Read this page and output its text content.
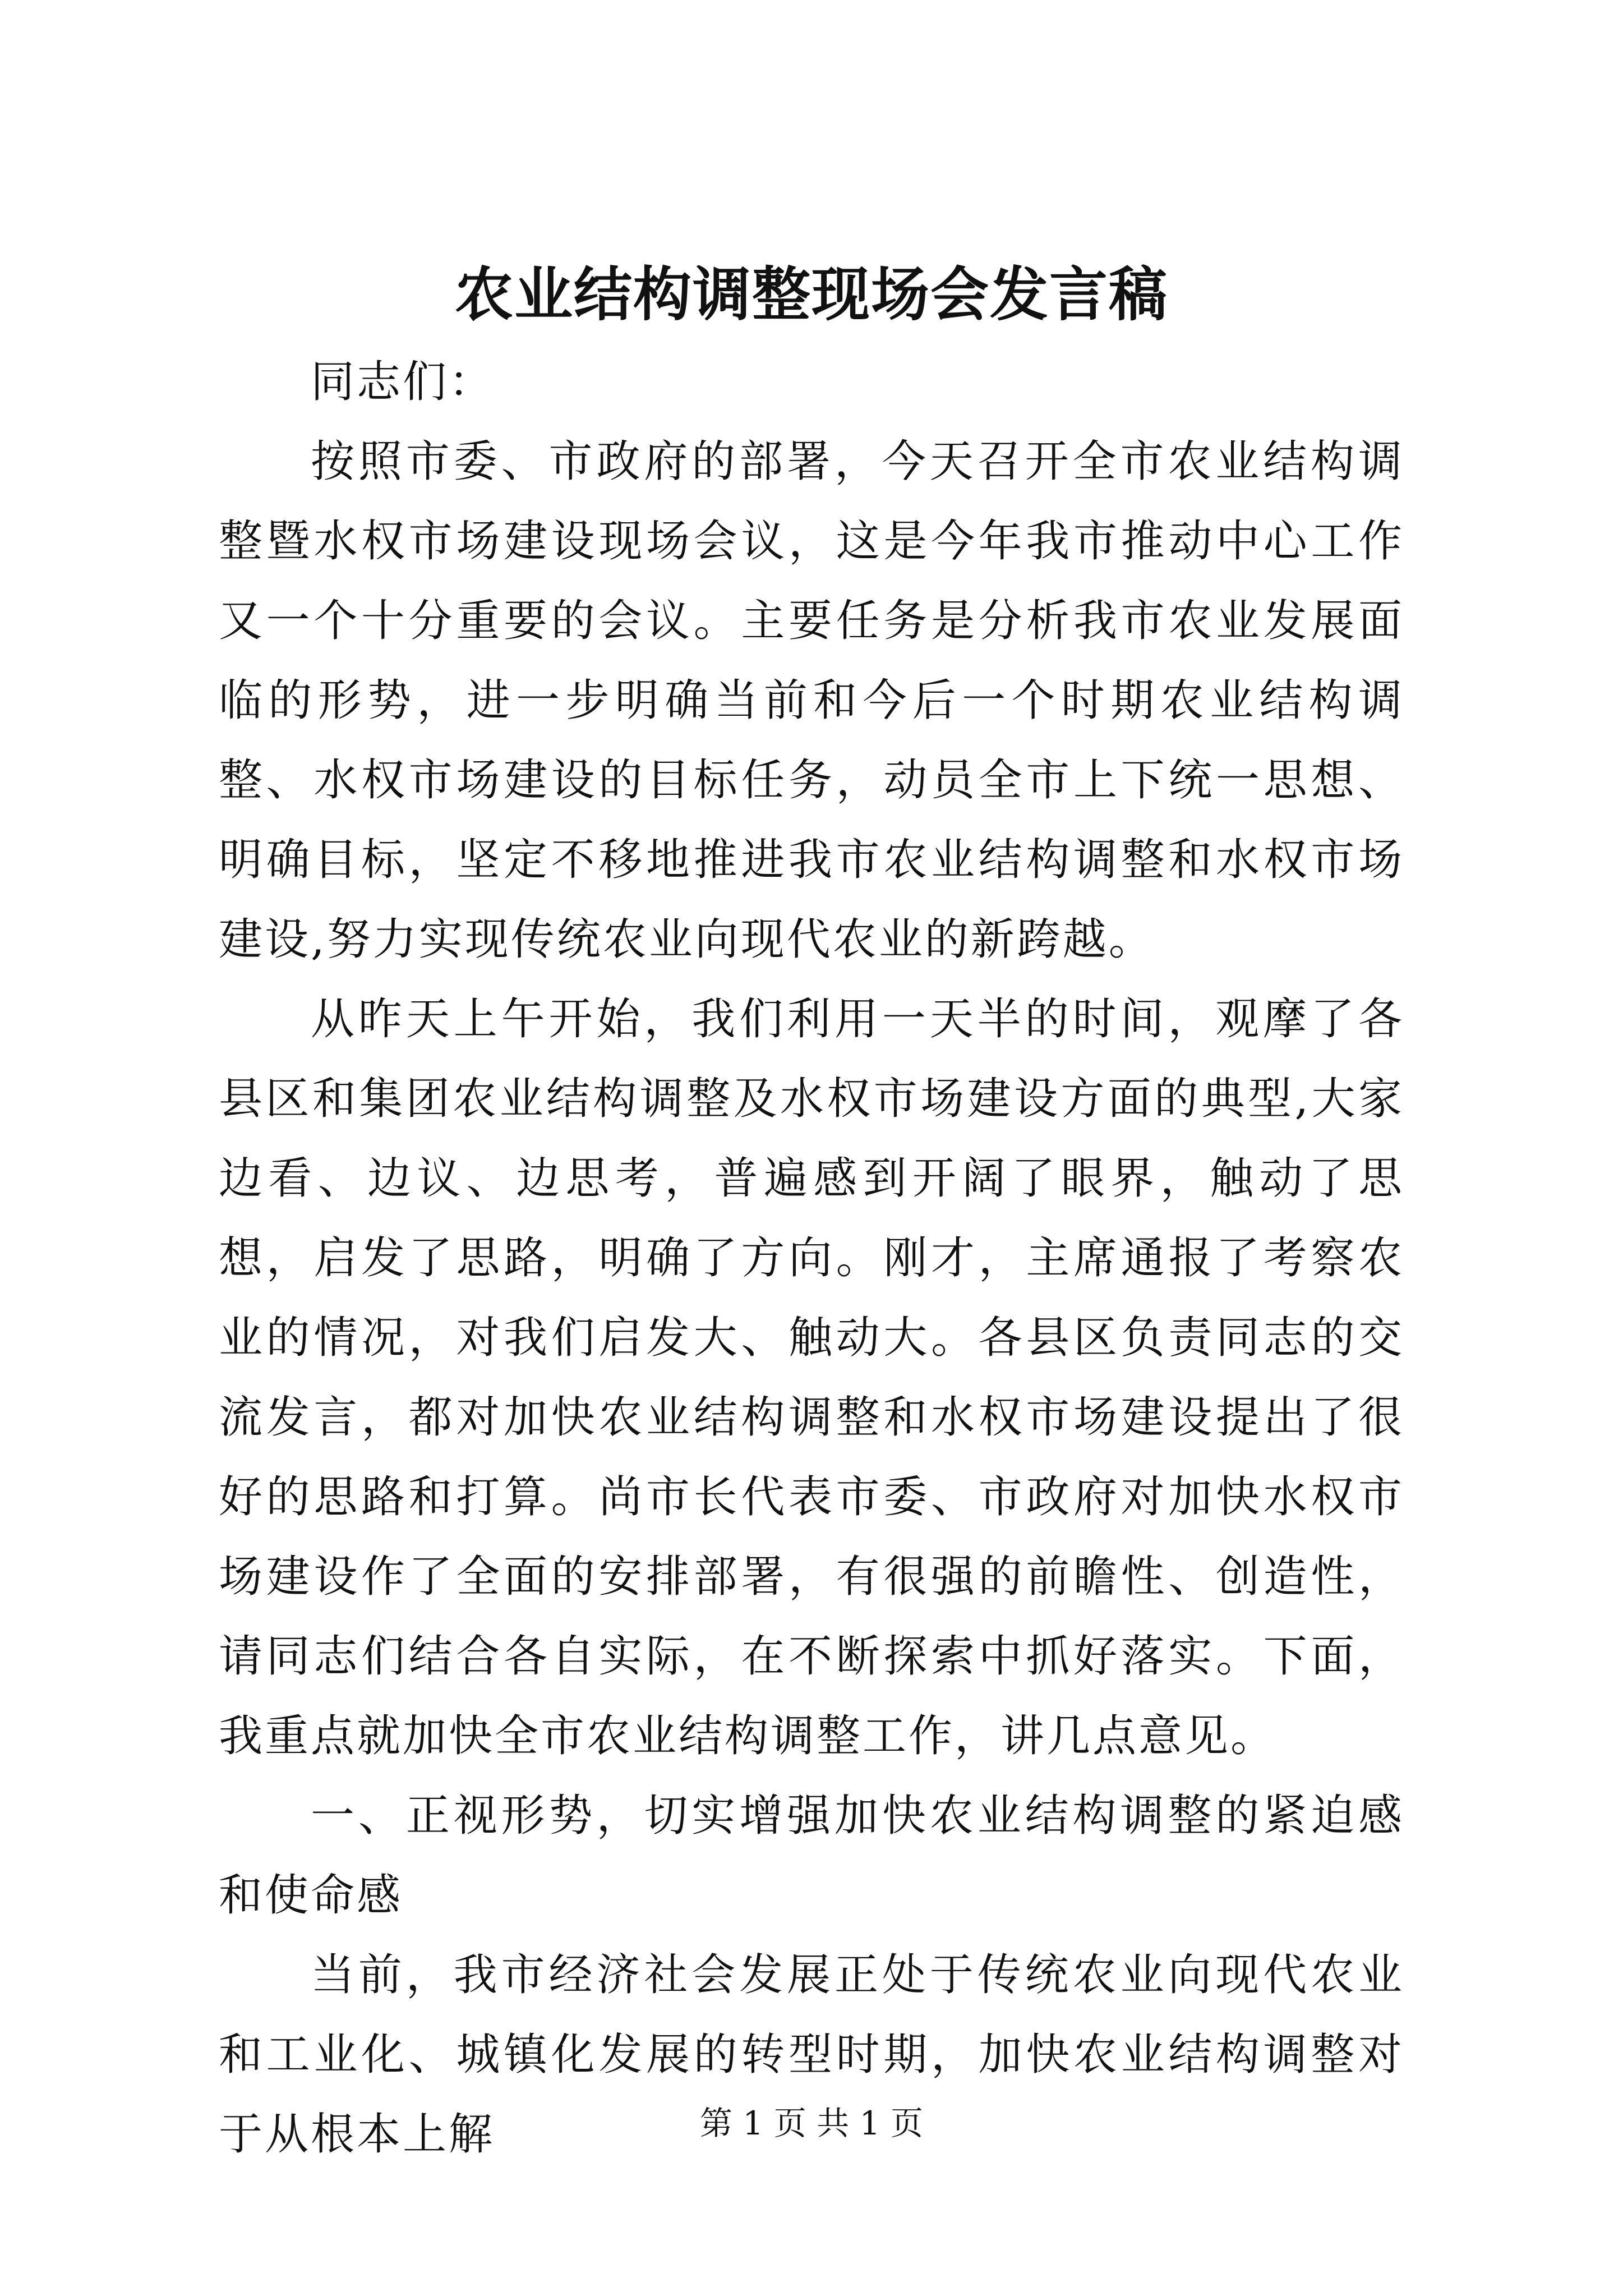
农业结构调整现场会发言稿

同志们：

按照市委、市政府的部署，今天召开全市农业结构调整暨水权市场建设现场会议，这是今年我市推动中心工作又一个十分重要的会议。主要任务是分析我市农业发展面临的形势，进一步明确当前和今后一个时期农业结构调整、水权市场建设的目标任务，动员全市上下统一思想、明确目标，坚定不移地推进我市农业结构调整和水权市场建设,努力实现传统农业向现代农业的新跨越。

从昨天上午开始，我们利用一天半的时间，观摩了各县区和集团农业结构调整及水权市场建设方面的典型,大家边看、边议、边思考，普遍感到开阔了眼界，触动了思想，启发了思路，明确了方向。刚才，主席通报了考察农业的情况，对我们启发大、触动大。各县区负责同志的交流发言，都对加快农业结构调整和水权市场建设提出了很好的思路和打算。尚市长代表市委、市政府对加快水权市场建设作了全面的安排部署，有很强的前瞻性、创造性，请同志们结合各自实际，在不断探索中抓好落实。下面，我重点就加快全市农业结构调整工作，讲几点意见。

一、正视形势，切实增强加快农业结构调整的紧迫感和使命感

当前，我市经济社会发展正处于传统农业向现代农业和工业化、城镇化发展的转型时期，加快农业结构调整对于从根本上解	第 1 页 共 1 页
